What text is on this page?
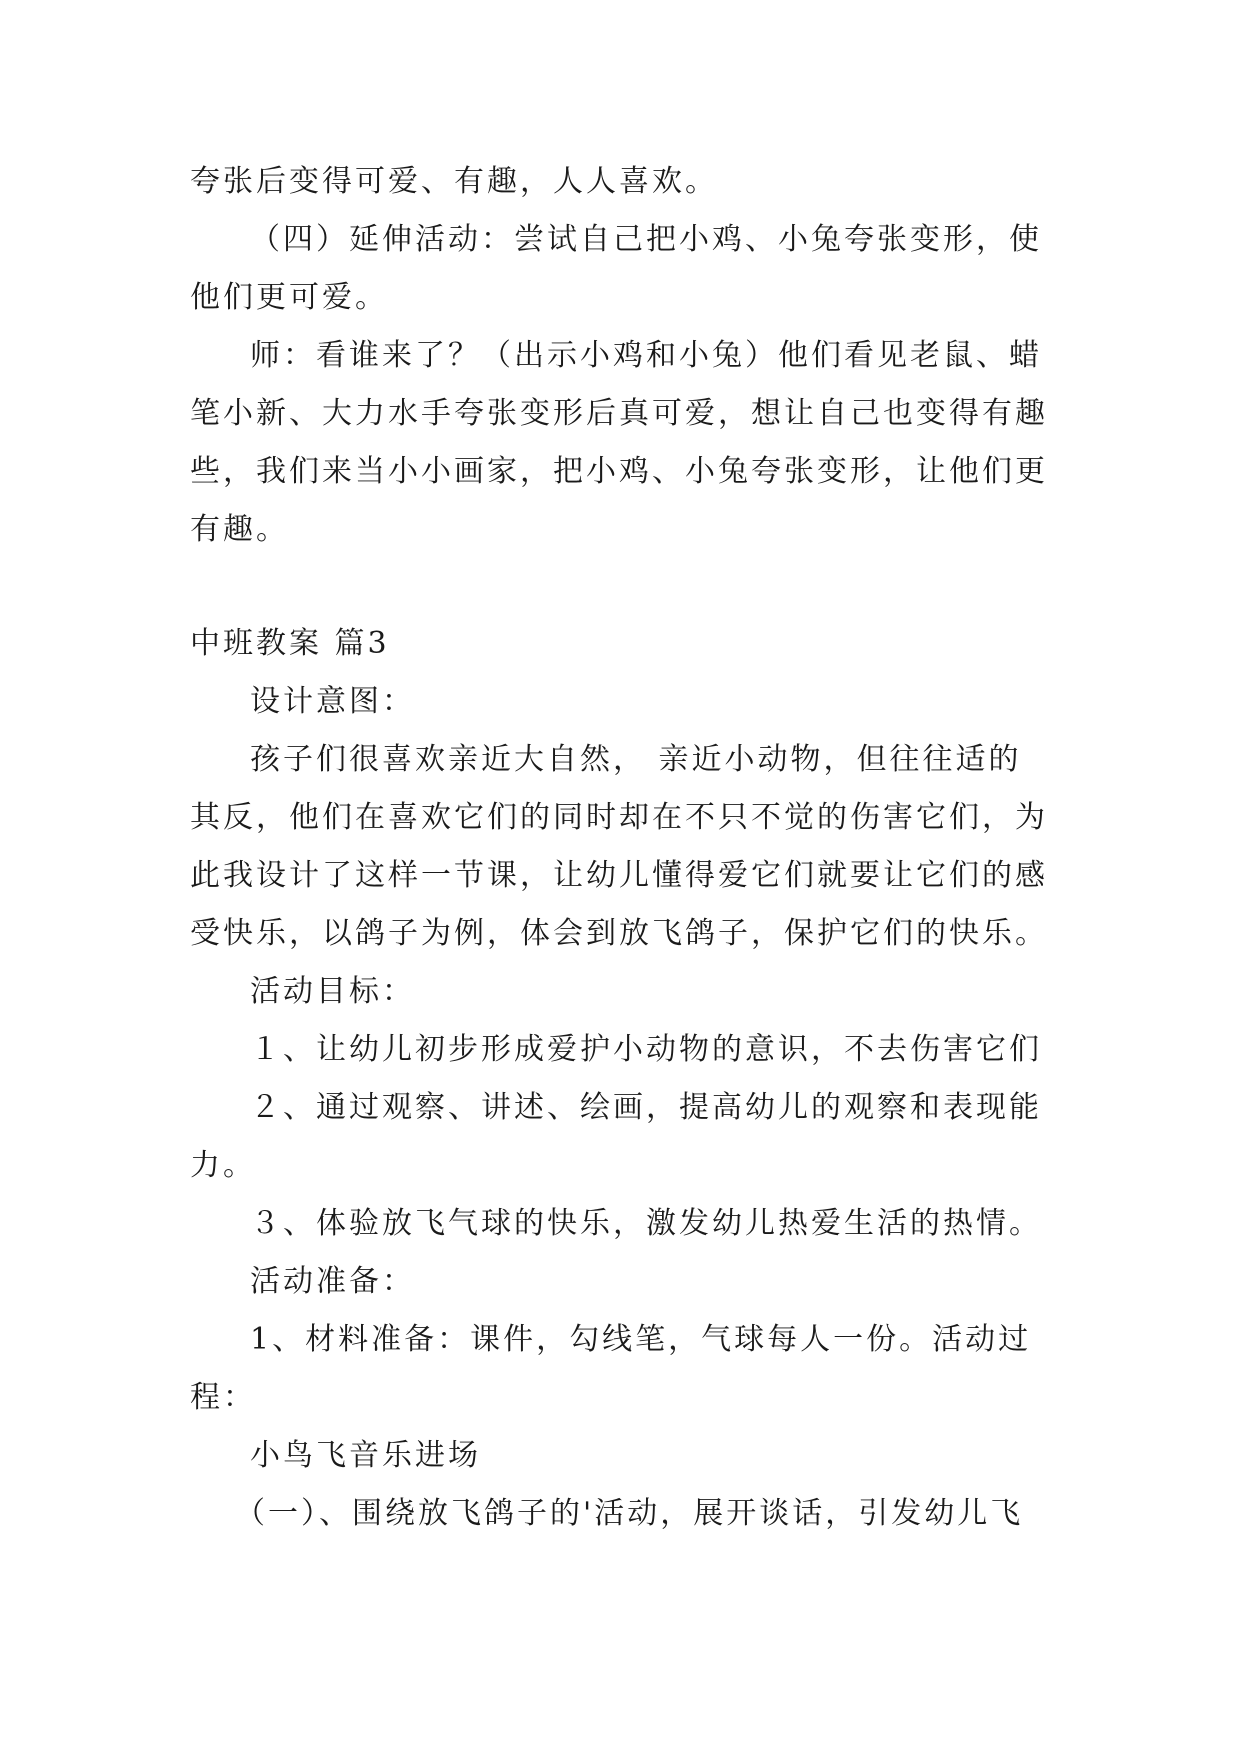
夸张后变得可爱、有趣，人人喜欢。
（四）延伸活动：尝试自己把小鸡、小兔夸张变形，使
他们更可爱。
师：看谁来了？（出示小鸡和小兔）他们看见老鼠、蜡
笔小新、大力水手夸张变形后真可爱，想让自己也变得有趣
些，我们来当小小画家，把小鸡、小兔夸张变形，让他们更
有趣。
中班教案 篇3
设计意图：
孩子们很喜欢亲近大自然， 亲近小动物，但往往适的
其反，他们在喜欢它们的同时却在不只不觉的伤害它们，为
此我设计了这样一节课，让幼儿懂得爱它们就要让它们的感
受快乐，以鸽子为例，体会到放飞鸽子，保护它们的快乐。
活动目标：
１、让幼儿初步形成爱护小动物的意识，不去伤害它们
２、通过观察、讲述、绘画，提高幼儿的观察和表现能
力。
３、体验放飞气球的快乐，激发幼儿热爱生活的热情。
活动准备：
1、材料准备：课件，勾线笔，气球每人一份。活动过
程：
小鸟飞音乐进场
（一）、围绕放飞鸽子的'活动，展开谈话，引发幼儿飞
